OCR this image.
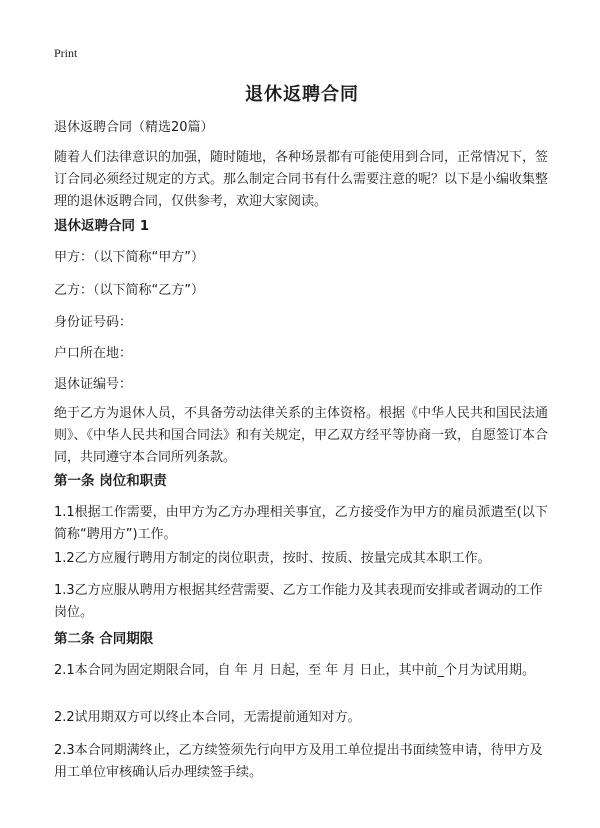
Print
退休返聘合同
退休返聘合同（精选20篇）
随着人们法律意识的加强，随时随地，各种场景都有可能使用到合同，正常情况下，签订合同必须经过规定的方式。那么制定合同书有什么需要注意的呢？以下是小编收集整理的退休返聘合同，仅供参考，欢迎大家阅读。
退休返聘合同 1
甲方：（以下简称“甲方”）
乙方：（以下简称“乙方”）
身份证号码：
户口所在地：
退休证编号：
绝于乙方为退休人员，不具备劳动法律关系的主体资格。根据《中华人民共和国民法通则》、《中华人民共和国合同法》和有关规定，甲乙双方经平等协商一致，自愿签订本合同，共同遵守本合同所列条款。
第一条 岗位和职责
1.1根据工作需要，由甲方为乙方办理相关事宜，乙方接受作为甲方的雇员派遣至(以下简称“聘用方”)工作。
1.2乙方应履行聘用方制定的岗位职责，按时、按质、按量完成其本职工作。
1.3乙方应服从聘用方根据其经营需要、乙方工作能力及其表现而安排或者调动的工作岗位。
第二条 合同期限
2.1本合同为固定期限合同，自 年 月 日起，至 年 月 日止，其中前_个月为试用期。
2.2试用期双方可以终止本合同，无需提前通知对方。
2.3本合同期满终止，乙方续签须先行向甲方及用工单位提出书面续签申请，待甲方及用工单位审核确认后办理续签手续。
